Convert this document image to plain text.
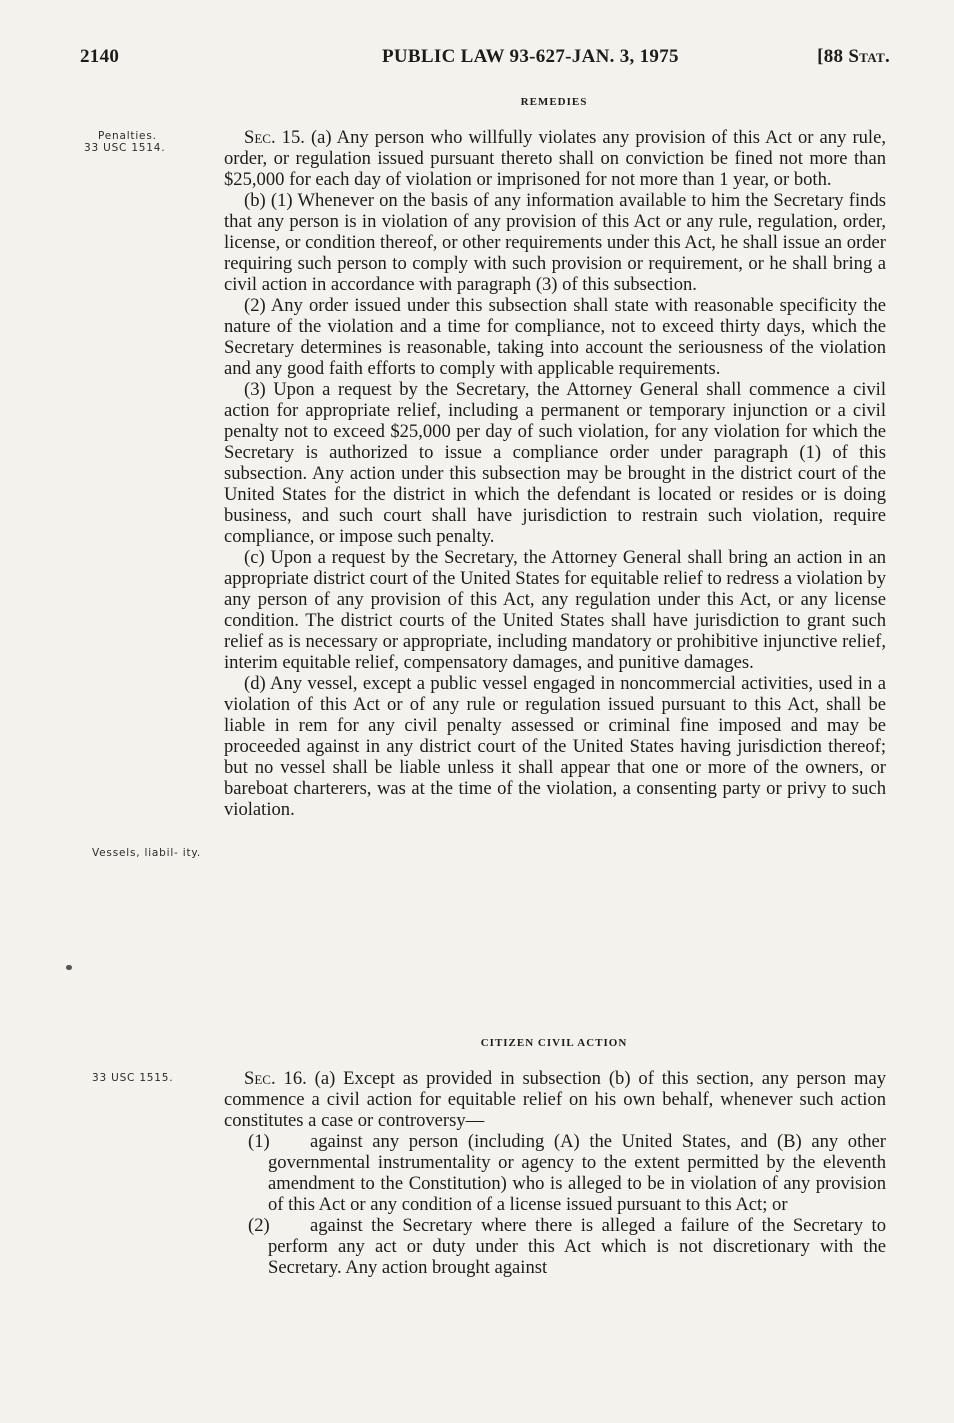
2140	PUBLIC LAW 93-627-JAN. 3, 1975	[88 Stat.
Penalties.
33 USC 1514.
Vessels, liabil- ity.
33 USC 1515.
REMEDIES

Sec. 15. (a) Any person who willfully violates any provision of this Act or any rule, order, or regulation issued pursuant thereto shall on conviction be fined not more than $25,000 for each day of violation or imprisoned for not more than 1 year, or both.

(b) (1) Whenever on the basis of any information available to him the Secretary finds that any person is in violation of any provision of this Act or any rule, regulation, order, license, or condition thereof, or other requirements under this Act, he shall issue an order requiring such person to comply with such provision or requirement, or he shall bring a civil action in accordance with paragraph (3) of this subsection.

(2) Any order issued under this subsection shall state with reasonable specificity the nature of the violation and a time for compliance, not to exceed thirty days, which the Secretary determines is reasonable, taking into account the seriousness of the violation and any good faith efforts to comply with applicable requirements.

(3) Upon a request by the Secretary, the Attorney General shall commence a civil action for appropriate relief, including a permanent or temporary injunction or a civil penalty not to exceed $25,000 per day of such violation, for any violation for which the Secretary is authorized to issue a compliance order under paragraph (1) of this subsection. Any action under this subsection may be brought in the district court of the United States for the district in which the defendant is located or resides or is doing business, and such court shall have jurisdiction to restrain such violation, require compliance, or impose such penalty.

(c) Upon a request by the Secretary, the Attorney General shall bring an action in an appropriate district court of the United States for equitable relief to redress a violation by any person of any provision of this Act, any regulation under this Act, or any license condition. The district courts of the United States shall have jurisdiction to grant such relief as is necessary or appropriate, including mandatory or prohibitive injunctive relief, interim equitable relief, compensatory damages, and punitive damages.

(d) Any vessel, except a public vessel engaged in noncommercial activities, used in a violation of this Act or of any rule or regulation issued pursuant to this Act, shall be liable in rem for any civil penalty assessed or criminal fine imposed and may be proceeded against in any district court of the United States having jurisdiction thereof; but no vessel shall be liable unless it shall appear that one or more of the owners, or bareboat charterers, was at the time of the violation, a consenting party or privy to such violation.

CITIZEN CIVIL ACTION

Sec. 16. (a) Except as provided in subsection (b) of this section, any person may commence a civil action for equitable relief on his own behalf, whenever such action constitutes a case or controversy—

(1) against any person (including (A) the United States, and (B) any other governmental instrumentality or agency to the extent permitted by the eleventh amendment to the Constitution) who is alleged to be in violation of any provision of this Act or any condition of a license issued pursuant to this Act; or

(2) against the Secretary where there is alleged a failure of the Secretary to perform any act or duty under this Act which is not discretionary with the Secretary. Any action brought against
